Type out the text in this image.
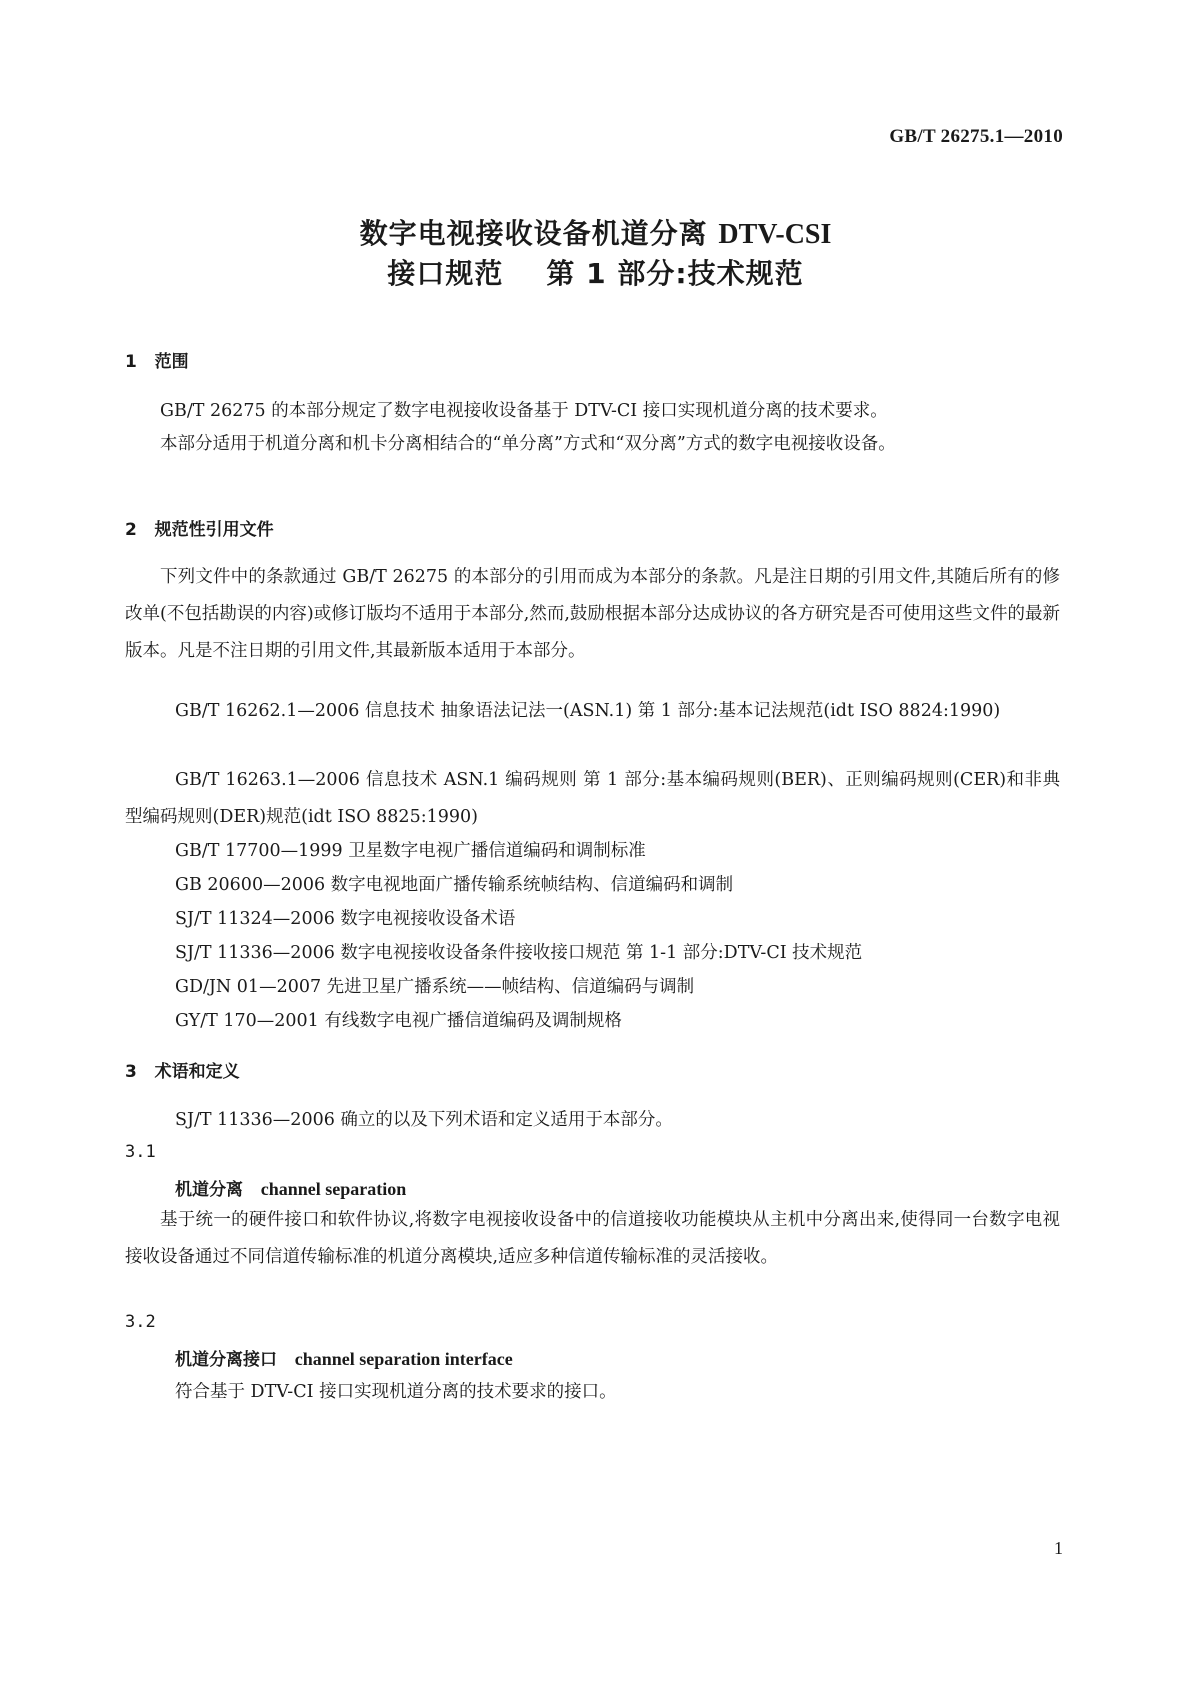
GB/T 26275.1—2010
数字电视接收设备机道分离 DTV-CSI
接口规范    第 1 部分:技术规范
1   范围
GB/T 26275 的本部分规定了数字电视接收设备基于 DTV-CI 接口实现机道分离的技术要求。
本部分适用于机道分离和机卡分离相结合的“单分离”方式和“双分离”方式的数字电视接收设备。
2   规范性引用文件
下列文件中的条款通过 GB/T 26275 的本部分的引用而成为本部分的条款。凡是注日期的引用文件,其随后所有的修改单(不包括勘误的内容)或修订版均不适用于本部分,然而,鼓励根据本部分达成协议的各方研究是否可使用这些文件的最新版本。凡是不注日期的引用文件,其最新版本适用于本部分。
GB/T 16262.1—2006 信息技术 抽象语法记法一(ASN.1) 第 1 部分:基本记法规范(idt ISO 8824:1990)
GB/T 16263.1—2006 信息技术 ASN.1 编码规则 第 1 部分:基本编码规则(BER)、正则编码规则(CER)和非典型编码规则(DER)规范(idt ISO 8825:1990)
GB/T 17700—1999 卫星数字电视广播信道编码和调制标准
GB 20600—2006 数字电视地面广播传输系统帧结构、信道编码和调制
SJ/T 11324—2006 数字电视接收设备术语
SJ/T 11336—2006 数字电视接收设备条件接收接口规范 第 1-1 部分:DTV-CI 技术规范
GD/JN 01—2007 先进卫星广播系统——帧结构、信道编码与调制
GY/T 170—2001 有线数字电视广播信道编码及调制规格
3   术语和定义
SJ/T 11336—2006 确立的以及下列术语和定义适用于本部分。
3.1
机道分离 channel separation
基于统一的硬件接口和软件协议,将数字电视接收设备中的信道接收功能模块从主机中分离出来,使得同一台数字电视接收设备通过不同信道传输标准的机道分离模块,适应多种信道传输标准的灵活接收。
3.2
机道分离接口 channel separation interface
符合基于 DTV-CI 接口实现机道分离的技术要求的接口。
1
